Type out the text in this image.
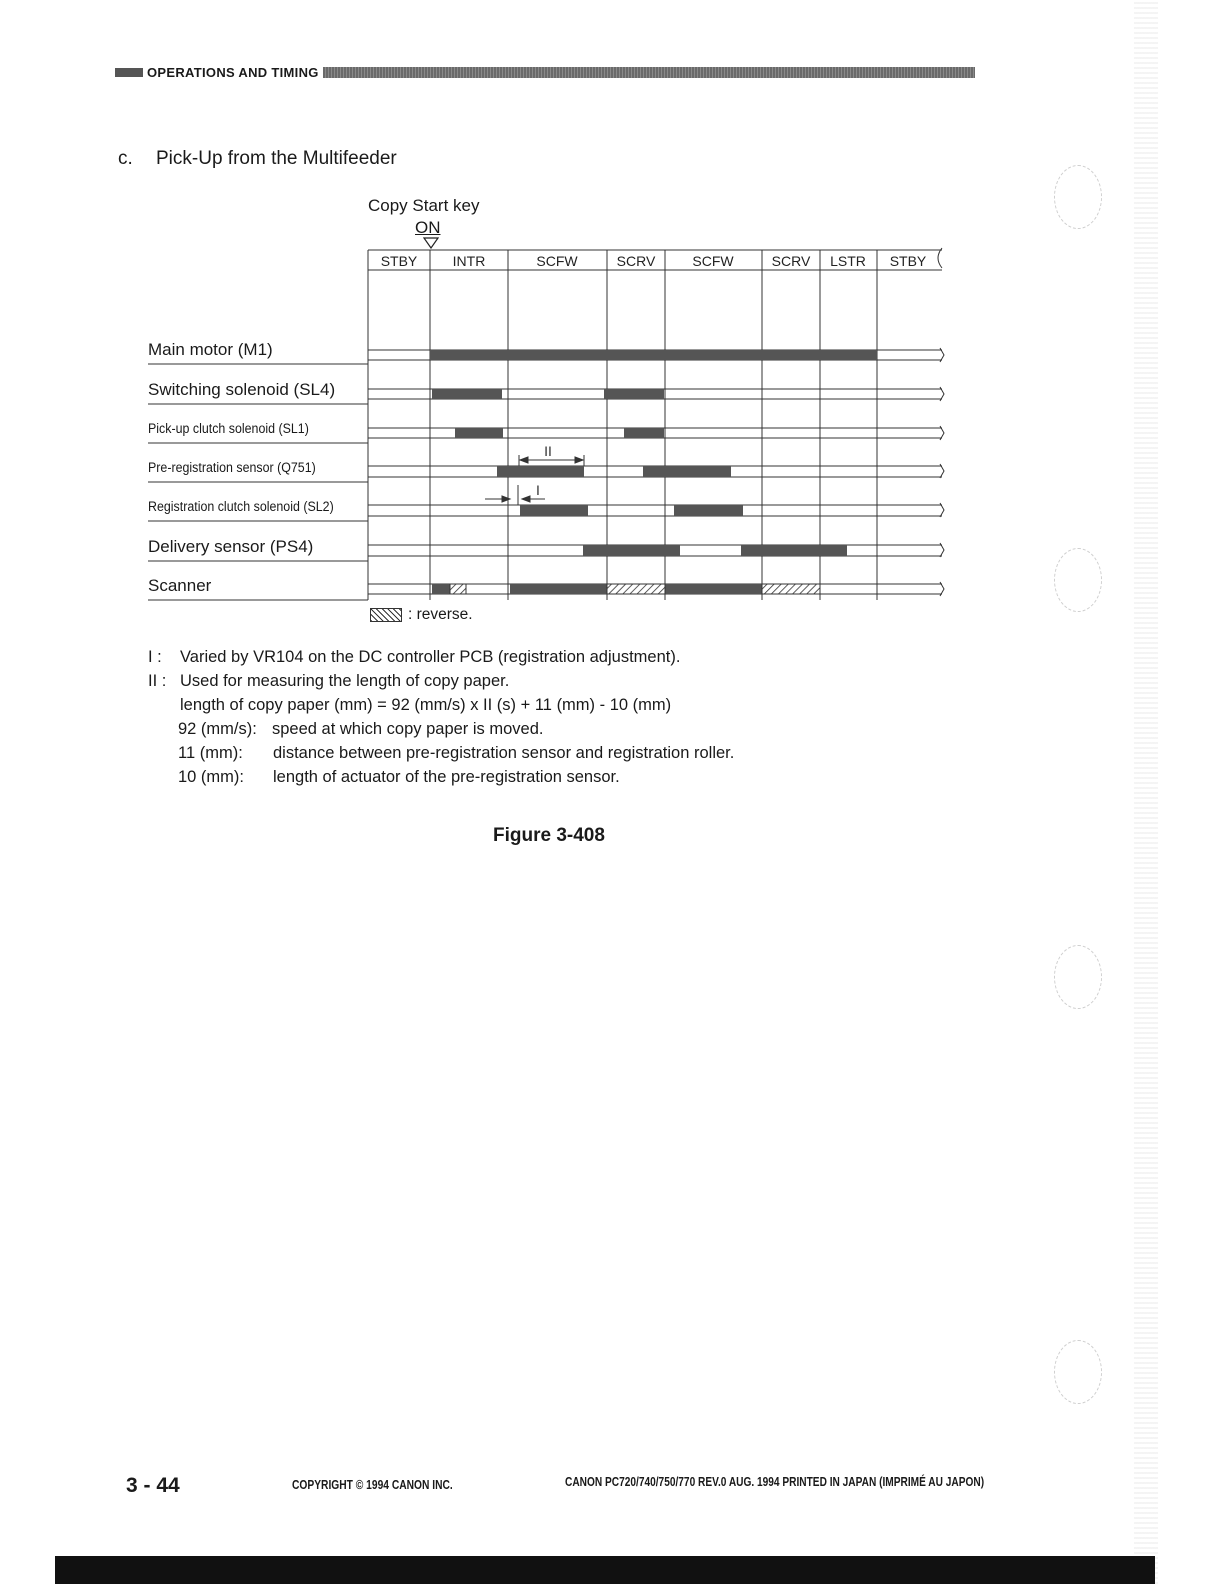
OPERATIONS AND TIMING
c. Pick-Up from the Multifeeder
Copy Start key
ON
STBY	INTR	SCFW	SCRV	SCFW	SCRV LSTR STBY
II
I
Main motor (M1)
Switching solenoid (SL4)
Pick-up clutch solenoid (SL1)
Pre-registration sensor (Q751)
Registration clutch solenoid (SL2)
Delivery sensor (PS4)
Scanner
: reverse.
I : Varied by VR104 on the DC controller PCB (registration adjustment).
II : Used for measuring the length of copy paper.
length of copy paper (mm) = 92 (mm/s) x II (s) + 11 (mm) - 10 (mm)
92 (mm/s): speed at which copy paper is moved.
11 (mm): distance between pre-registration sensor and registration roller.
10 (mm): length of actuator of the pre-registration sensor.
Figure 3-408
3 - 44	COPYRIGHT © 1994 CANON INC.	CANON PC720/740/750/770 REV.0 AUG. 1994 PRINTED IN JAPAN (IMPRIMÉ AU JAPON)
